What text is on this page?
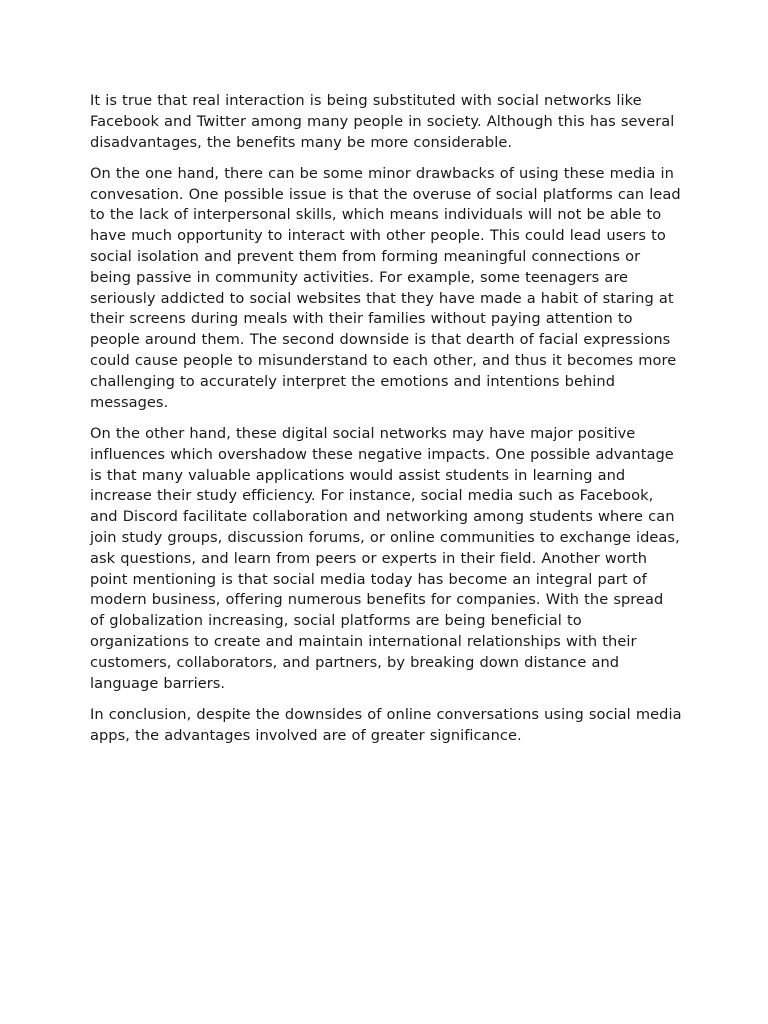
It is true that real interaction is being substituted with social networks like Facebook and Twitter among many people in society. Although this has several disadvantages, the benefits many be more considerable.

On the one hand, there can be some minor drawbacks of using these media in convesation. One possible issue is that the overuse of social platforms can lead to the lack of interpersonal skills, which means individuals will not be able to have much opportunity to interact with other people. This could lead users to social isolation and prevent them from forming meaningful connections or being passive in community activities. For example, some teenagers are seriously addicted to social websites that they have made a habit of staring at their screens during meals with their families without paying attention to people around them. The second downside is that dearth of facial expressions could cause people to misunderstand to each other, and thus it becomes more challenging to accurately interpret the emotions and intentions behind messages.

On the other hand, these digital social networks may have major positive influences which overshadow these negative impacts. One possible advantage is that many valuable applications would assist students in learning and increase their study efficiency. For instance, social media such as Facebook, and Discord facilitate collaboration and networking among students where can join study groups, discussion forums, or online communities to exchange ideas, ask questions, and learn from peers or experts in their field. Another worth point mentioning is that social media today has become an integral part of modern business, offering numerous benefits for companies. With the spread of globalization increasing, social platforms are being beneficial to organizations to create and maintain international relationships with their customers, collaborators, and partners, by breaking down distance and language barriers.

In conclusion, despite the downsides of online conversations using social media apps, the advantages involved are of greater significance.
